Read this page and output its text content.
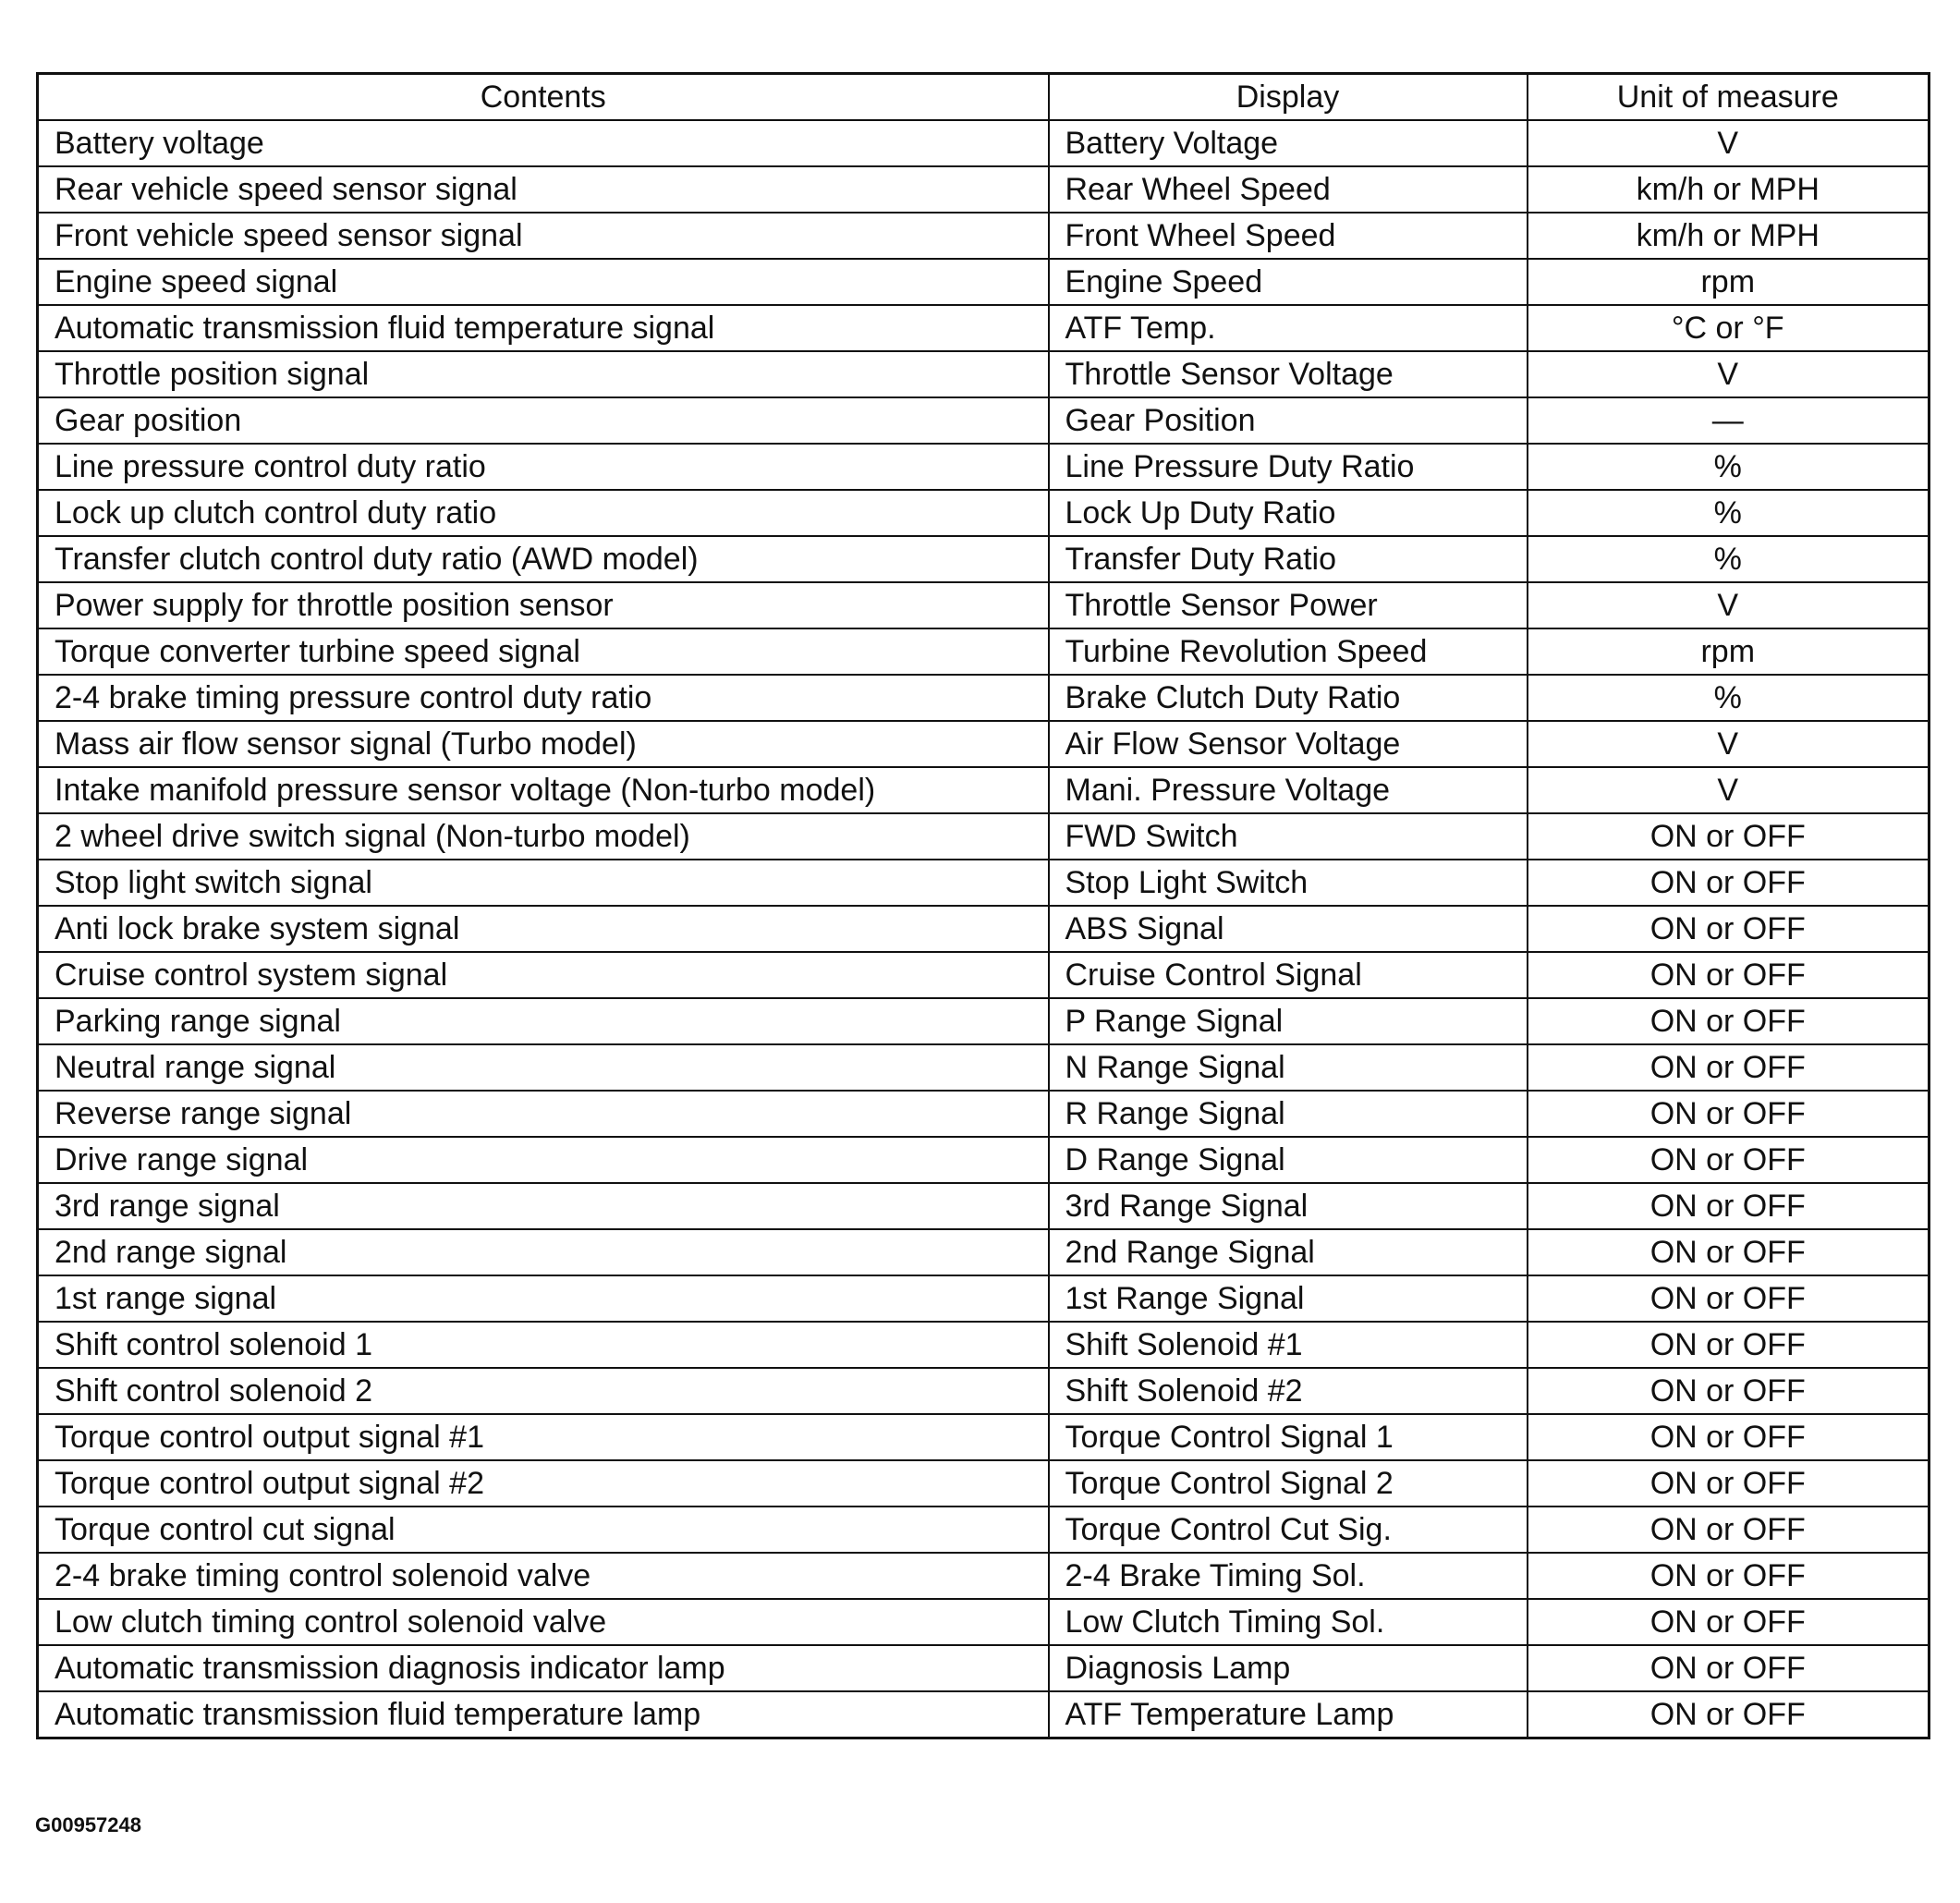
Contents	Display	Unit of measure
Battery voltage	Battery Voltage	V
Rear vehicle speed sensor signal	Rear Wheel Speed	km/h or MPH
Front vehicle speed sensor signal	Front Wheel Speed	km/h or MPH
Engine speed signal	Engine Speed	rpm
Automatic transmission fluid temperature signal	ATF Temp.	°C or °F
Throttle position signal	Throttle Sensor Voltage	V
Gear position	Gear Position	—
Line pressure control duty ratio	Line Pressure Duty Ratio	%
Lock up clutch control duty ratio	Lock Up Duty Ratio	%
Transfer clutch control duty ratio (AWD model)	Transfer Duty Ratio	%
Power supply for throttle position sensor	Throttle Sensor Power	V
Torque converter turbine speed signal	Turbine Revolution Speed	rpm
2-4 brake timing pressure control duty ratio	Brake Clutch Duty Ratio	%
Mass air flow sensor signal (Turbo model)	Air Flow Sensor Voltage	V
Intake manifold pressure sensor voltage (Non-turbo model)	Mani. Pressure Voltage	V
2 wheel drive switch signal (Non-turbo model)	FWD Switch	ON or OFF
Stop light switch signal	Stop Light Switch	ON or OFF
Anti lock brake system signal	ABS Signal	ON or OFF
Cruise control system signal	Cruise Control Signal	ON or OFF
Parking range signal	P Range Signal	ON or OFF
Neutral range signal	N Range Signal	ON or OFF
Reverse range signal	R Range Signal	ON or OFF
Drive range signal	D Range Signal	ON or OFF
3rd range signal	3rd Range Signal	ON or OFF
2nd range signal	2nd Range Signal	ON or OFF
1st range signal	1st Range Signal	ON or OFF
Shift control solenoid 1	Shift Solenoid #1	ON or OFF
Shift control solenoid 2	Shift Solenoid #2	ON or OFF
Torque control output signal #1	Torque Control Signal 1	ON or OFF
Torque control output signal #2	Torque Control Signal 2	ON or OFF
Torque control cut signal	Torque Control Cut Sig.	ON or OFF
2-4 brake timing control solenoid valve	2-4 Brake Timing Sol.	ON or OFF
Low clutch timing control solenoid valve	Low Clutch Timing Sol.	ON or OFF
Automatic transmission diagnosis indicator lamp	Diagnosis Lamp	ON or OFF
Automatic transmission fluid temperature lamp	ATF Temperature Lamp	ON or OFF
G00957248
